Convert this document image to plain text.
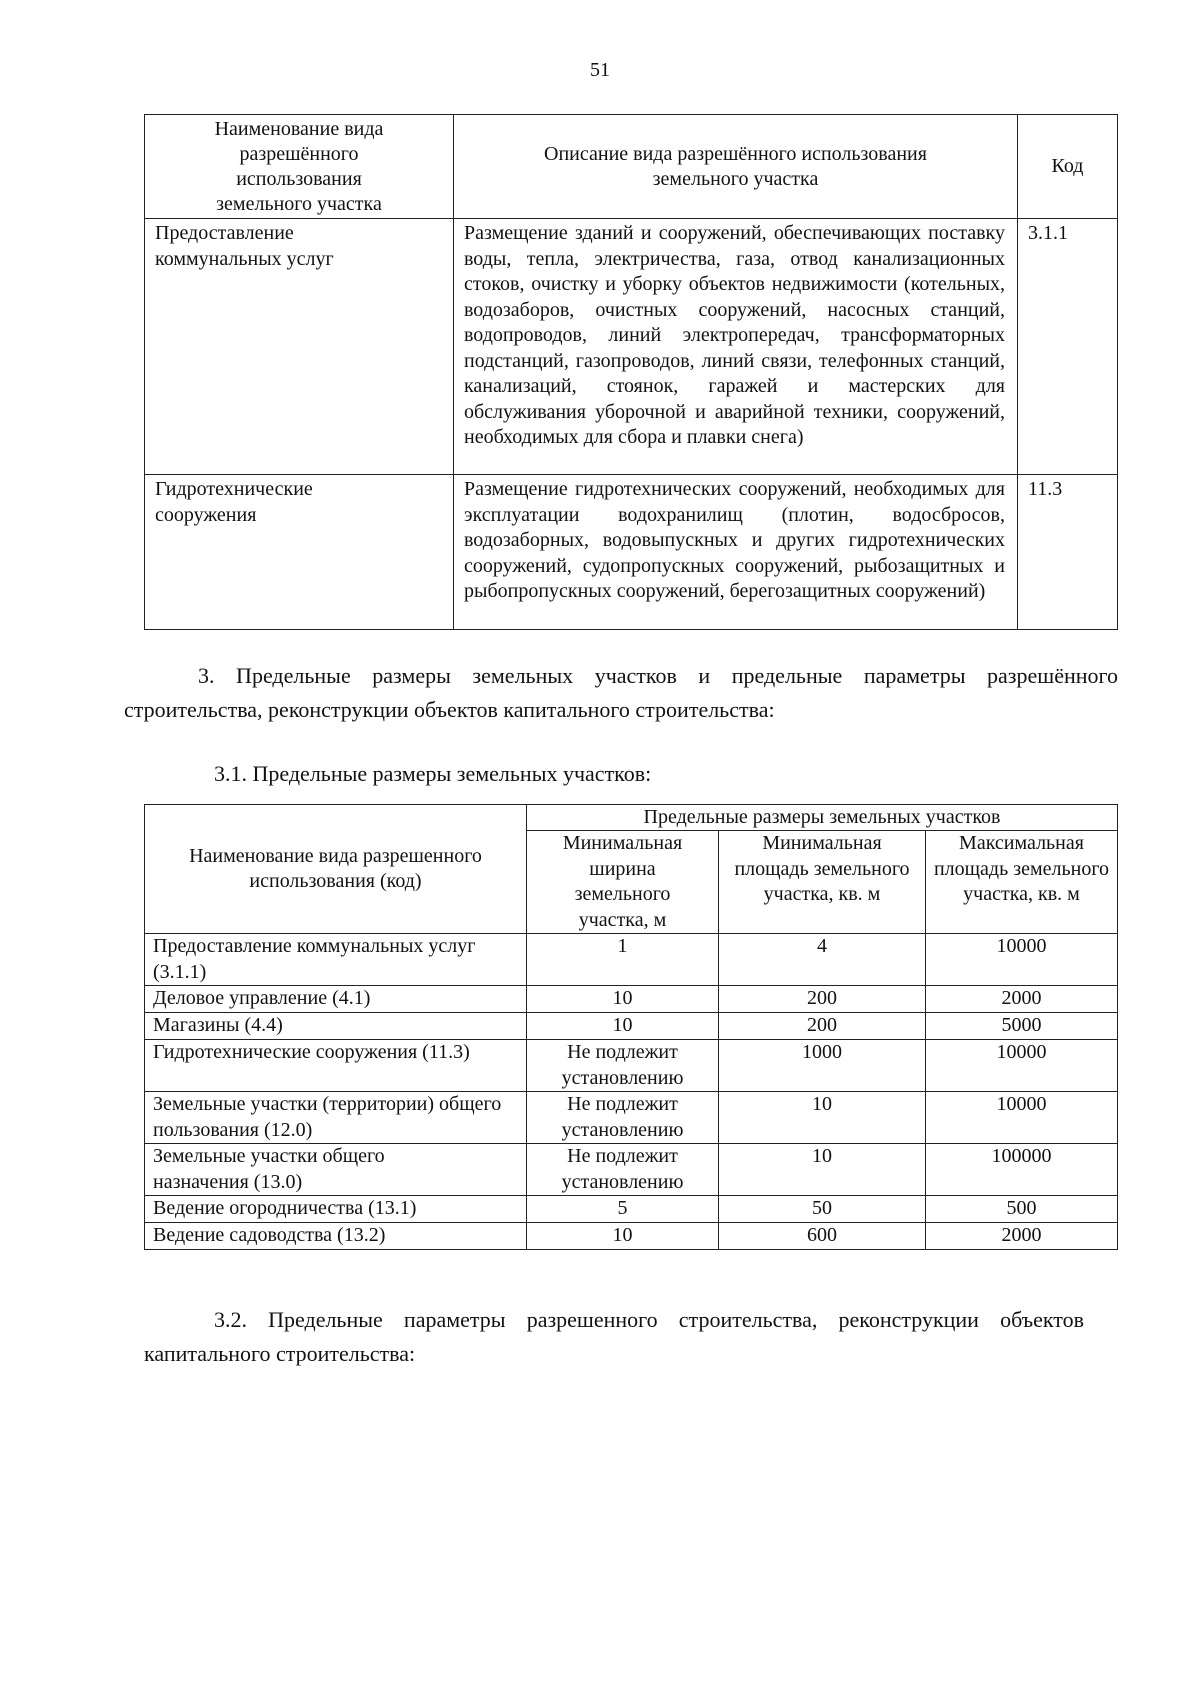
51
Наименование вида разрешённого использования земельного участка	Описание вида разрешённого использования земельного участка	Код
Предоставление коммунальных услуг	Размещение зданий и сооружений, обеспечивающих поставку воды, тепла, электричества, газа, отвод канализационных стоков, очистку и уборку объектов недвижимости (котельных, водозаборов, очистных сооружений, насосных станций, водопроводов, линий электропередач, трансформаторных подстанций, газопроводов, линий связи, телефонных станций, канализаций, стоянок, гаражей и мастерских для обслуживания уборочной и аварийной техники, сооружений, необходимых для сбора и плавки снега)	3.1.1
Гидротехнические сооружения	Размещение гидротехнических сооружений, необходимых для эксплуатации водохранилищ (плотин, водосбросов, водозаборных, водовыпускных и других гидротехнических сооружений, судопропускных сооружений, рыбозащитных и рыбопропускных сооружений, берегозащитных сооружений)	11.3
3. Предельные размеры земельных участков и предельные параметры разрешённого строительства, реконструкции объектов капитального строительства:
3.1. Предельные размеры земельных участков:
Наименование вида разрешенного использования (код)	Предельные размеры земельных участков		
	Минимальная ширина земельного участка, м	Минимальная площадь земельного участка, кв. м	Максимальная площадь земельного участка, кв. м
Предоставление коммунальных услуг (3.1.1)	1	4	10000
Деловое управление (4.1)	10	200	2000
Магазины (4.4)	10	200	5000
Гидротехнические сооружения (11.3)	Не подлежит установлению	1000	10000
Земельные участки (территории) общего пользования (12.0)	Не подлежит установлению	10	10000
Земельные участки общего назначения (13.0)	Не подлежит установлению	10	100000
Ведение огородничества (13.1)	5	50	500
Ведение садоводства (13.2)	10	600	2000
3.2. Предельные параметры разрешенного строительства, реконструкции объектов капитального строительства:
